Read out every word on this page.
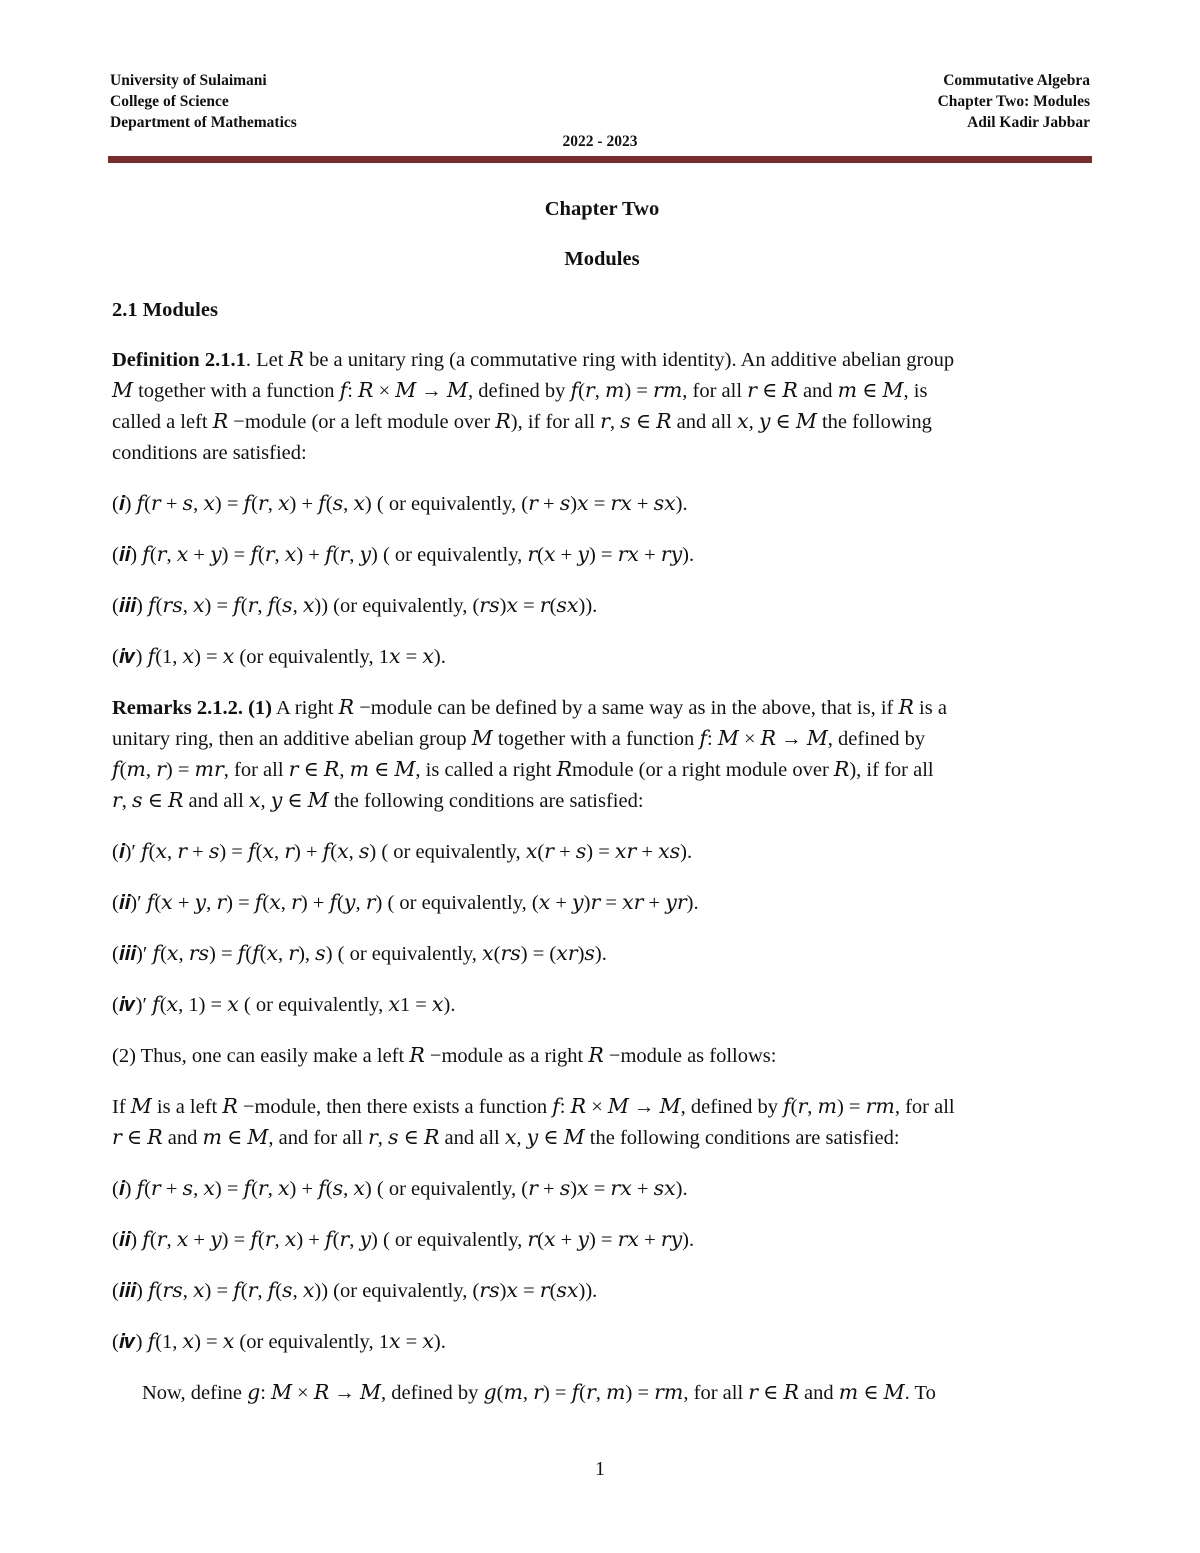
University of Sulaimani
College of Science
Department of Mathematics
Commutative Algebra
Chapter Two: Modules
Adil Kadir Jabbar
2022 - 2023

Chapter Two

Modules

2.1 Modules

Definition 2.1.1. Let 𝑅 be a unitary ring (a commutative ring with identity). An additive abelian group

𝑀 together with a function 𝑓: 𝑅 × 𝑀 → 𝑀, defined by 𝑓(𝑟, 𝑚) = 𝑟𝑚, for all 𝑟 ∈ 𝑅 and 𝑚 ∈ 𝑀, is

called a left 𝑅 −module (or a left module over 𝑅), if for all 𝑟, 𝑠 ∈ 𝑅 and all 𝑥, 𝑦 ∈ 𝑀 the following

conditions are satisfied:

(𝒊) 𝑓(𝑟 + 𝑠, 𝑥) = 𝑓(𝑟, 𝑥) + 𝑓(𝑠, 𝑥) ( or equivalently, (𝑟 + 𝑠)𝑥 = 𝑟𝑥 + 𝑠𝑥).

(𝒊𝒊) 𝑓(𝑟, 𝑥 + 𝑦) = 𝑓(𝑟, 𝑥) + 𝑓(𝑟, 𝑦) ( or equivalently, 𝑟(𝑥 + 𝑦) = 𝑟𝑥 + 𝑟𝑦).

(𝒊𝒊𝒊) 𝑓(𝑟𝑠, 𝑥) = 𝑓(𝑟, 𝑓(𝑠, 𝑥)) (or equivalently, (𝑟𝑠)𝑥 = 𝑟(𝑠𝑥)).

(𝒊𝒗) 𝑓(1, 𝑥) = 𝑥 (or equivalently, 1𝑥 = 𝑥).

Remarks 2.1.2. (1) A right 𝑅 −module can be defined by a same way as in the above, that is, if 𝑅 is a

unitary ring, then an additive abelian group 𝑀 together with a function 𝑓: 𝑀 × 𝑅 → 𝑀, defined by

𝑓(𝑚, 𝑟) = 𝑚𝑟, for all 𝑟 ∈ 𝑅, 𝑚 ∈ 𝑀, is called a right 𝑅module (or a right module over 𝑅), if for all

𝑟, 𝑠 ∈ 𝑅 and all 𝑥, 𝑦 ∈ 𝑀 the following conditions are satisfied:

(𝒊)′ 𝑓(𝑥, 𝑟 + 𝑠) = 𝑓(𝑥, 𝑟) + 𝑓(𝑥, 𝑠) ( or equivalently, 𝑥(𝑟 + 𝑠) = 𝑥𝑟 + 𝑥𝑠).

(𝒊𝒊)′ 𝑓(𝑥 + 𝑦, 𝑟) = 𝑓(𝑥, 𝑟) + 𝑓(𝑦, 𝑟) ( or equivalently, (𝑥 + 𝑦)𝑟 = 𝑥𝑟 + 𝑦𝑟).

(𝒊𝒊𝒊)′ 𝑓(𝑥, 𝑟𝑠) = 𝑓(𝑓(𝑥, 𝑟), 𝑠) ( or equivalently, 𝑥(𝑟𝑠) = (𝑥𝑟)𝑠).

(𝒊𝒗)′ 𝑓(𝑥, 1) = 𝑥 ( or equivalently, 𝑥1 = 𝑥).

(2) Thus, one can easily make a left 𝑅 −module as a right 𝑅 −module as follows:

If 𝑀 is a left 𝑅 −module, then there exists a function 𝑓: 𝑅 × 𝑀 → 𝑀, defined by 𝑓(𝑟, 𝑚) = 𝑟𝑚, for all

𝑟 ∈ 𝑅 and 𝑚 ∈ 𝑀, and for all 𝑟, 𝑠 ∈ 𝑅 and all 𝑥, 𝑦 ∈ 𝑀 the following conditions are satisfied:

(𝒊) 𝑓(𝑟 + 𝑠, 𝑥) = 𝑓(𝑟, 𝑥) + 𝑓(𝑠, 𝑥) ( or equivalently, (𝑟 + 𝑠)𝑥 = 𝑟𝑥 + 𝑠𝑥).

(𝒊𝒊) 𝑓(𝑟, 𝑥 + 𝑦) = 𝑓(𝑟, 𝑥) + 𝑓(𝑟, 𝑦) ( or equivalently, 𝑟(𝑥 + 𝑦) = 𝑟𝑥 + 𝑟𝑦).

(𝒊𝒊𝒊) 𝑓(𝑟𝑠, 𝑥) = 𝑓(𝑟, 𝑓(𝑠, 𝑥)) (or equivalently, (𝑟𝑠)𝑥 = 𝑟(𝑠𝑥)).

(𝒊𝒗) 𝑓(1, 𝑥) = 𝑥 (or equivalently, 1𝑥 = 𝑥).

Now, define 𝑔: 𝑀 × 𝑅 → 𝑀, defined by 𝑔(𝑚, 𝑟) = 𝑓(𝑟, 𝑚) = 𝑟𝑚, for all 𝑟 ∈ 𝑅 and 𝑚 ∈ 𝑀. To

1
